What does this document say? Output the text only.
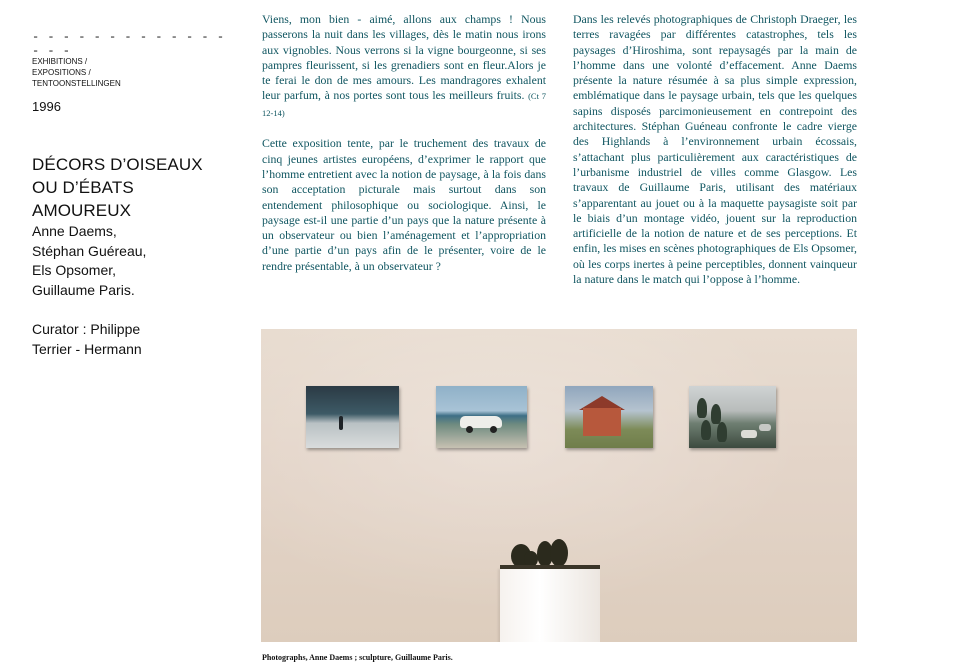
- - - - - - - - - - - - - - - -
EXHIBITIONS /
EXPOSITIONS /
TENTOONSTELLINGEN
1996
DÉCORS D’OISEAUX
OU D’ÉBATS
AMOUREUX
Anne Daems,
Stéphan Guéreau,
Els Opsomer,
Guillaume Paris.
Curator : Philippe
Terrier - Hermann

Viens, mon bien - aimé, allons aux champs ! Nous passerons la nuit dans les villages, dès le matin nous irons aux vignobles. Nous verrons si la vigne bourgeonne, si ses pampres fleurissent, si les grenadiers sont en fleur.Alors je te ferai le don de mes amours. Les mandragores exhalent leur parfum, à nos portes sont tous les meilleurs fruits. (Ct 7 12-14)

Cette exposition tente, par le truchement des travaux de cinq jeunes artistes européens, d’exprimer le rapport que l’homme entretient avec la notion de paysage, à la fois dans son acceptation picturale mais surtout dans son entendement philosophique ou sociologique. Ainsi, le paysage est-il une partie d’un pays que la nature présente à un observateur ou bien l’aménagement et l’appropriation d’une partie d’un pays afin de le présenter, voire de le rendre présentable, à un observateur ?

Dans les relevés photographiques de Christoph Draeger, les terres ravagées par différentes catastrophes, tels les paysages d’Hiroshima, sont repaysagés par la main de l’homme dans une volonté d’effacement. Anne Daems présente la nature résumée à sa plus simple expression, emblématique dans le paysage urbain, tels que les quelques sapins disposés parcimonieusement en contrepoint des architectures. Stéphan Guéneau confronte le cadre vierge des Highlands à l’environnement urbain écossais, s’attachant plus particulièrement aux caractéristiques de l’urbanisme industriel de villes comme Glasgow. Les travaux de Guillaume Paris, utilisant des matériaux s’apparentant au jouet ou à la maquette paysagiste soit par le biais d’un montage vidéo, jouent sur la reproduction artificielle de la notion de nature et de ses perceptions. Et enfin, les mises en scènes photographiques de Els Opsomer, où les corps inertes à peine perceptibles, donnent vainqueur la nature dans le match qui l’oppose à l’homme.

Photographs, Anne Daems ; sculpture, Guillaume Paris.
